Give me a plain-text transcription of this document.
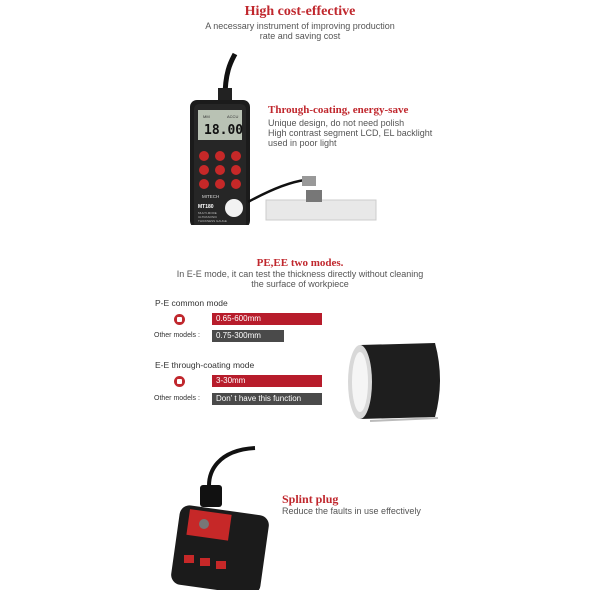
High cost-effective
A necessary instrument of improving production
rate and saving cost
MM	ACCU
18.00
MITECH
MT180
MULTI-MODE
ULTRASONIC
THICKNESS GAUGE
Through-coating, energy-save
Unique design, do not need polish
High contrast segment LCD, EL backlight
used in poor light
PE,EE two modes.
In E-E mode, it can test the thickness directly without cleaning
the surface of workpiece
P-E common mode
0.65-600mm
Other models :	0.75-300mm
E-E through-coating mode
3-30mm
Other models :	Don’ t have this function
Splint plug
Reduce the faults in use effectively
